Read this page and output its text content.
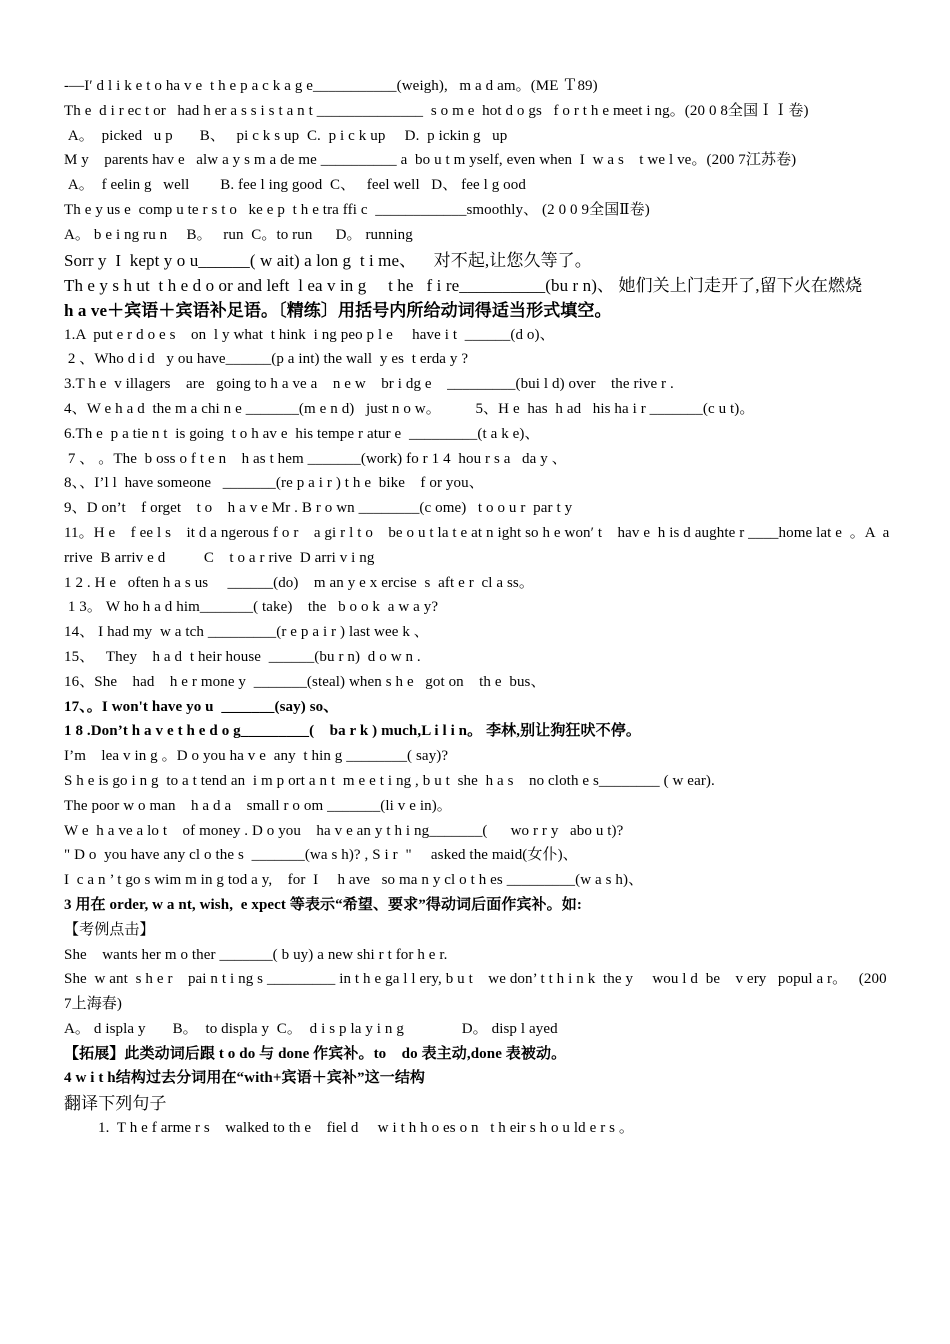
-—I′ d l i k e t o ha v e  t h e p a c k a g e___________(weigh),   m a d am。(ME Ｔ89)
Th e  d i r ec t or   had h er a s s i s t a n t ______________  s o m e  hot d o gs   f o r t h e meet i ng。(20 0 8全国ＩＩ卷)
A。  picked   u p       B、   pi c k s up  C.  p i c k up     D.  p ickin g   up
M y    parents hav e   alw a y s m a de me __________ a  bo u t m yself, even when  I  w a s    t we l ve。(200 7江苏卷)
A。  f eelin g   well        B. fee l ing good  C、   feel well   D、 fee l g ood
Th e y us e  comp u te r s t o   ke e p  t h e tra ffi c  ____________smoothly、 (2 0 0 9全国Ⅱ卷)
A。 b e i ng ru n     B。   run  C。to run      D。 running
Sorr y  I  kept y o u______( w ait) a lon g  t i me、    对不起,让您久等了。
Th e y s h ut  t h e d o or and left  l ea v in g     t he   f i re__________(bu r n)、 她们关上门走开了,留下火在燃烧
h a ve＋宾语＋宾语补足语。〔精练〕用括号内所给动词得适当形式填空。
1.A  put e r d o e s    on  l y what  t hink  i ng peo p l e     have i t  ______(d o)、
2 、Who d i d   y ou have______(p a int) the wall  y es  t erda y ?
3.T h e  v illagers    are   going to h a ve a    n e w    br i dg e    _________(bui l d) over    the rive r .
4、W e h a d  the m a chi n e _______(m e n d)   just n o w。         5、H e  has  h ad   his ha i r _______(c u t)。
6.Th e  p a tie n t  is going  t o h av e  his tempe r atur e  _________(t a k e)、
7 、 。The  b oss o f t e n    h as t hem _______(work) fo r 1 4  hou r s a   da y 、
8、、I’l l  have someone   _______(re p a i r ) t h e  bike    f or you、
9、D on’t    f orget    t o    h a v e Mr . B r o wn ________(c ome)   t o o u r  par t y
11。H e    f ee l s    it d a ngerous f o r    a gi r l t o    be o u t la t e at n ight so h e won′ t    hav e  h is d aughte r ____home lat e  。A  a rrive  B arriv e d          C    t o a r rive  D arri v i ng
1 2 . H e   often h a s us     ______(do)    m an y e x ercise  s  aft e r  cl a ss。
1 3。 W ho h a d him_______( take)    the   b o o k  a w a y?
14、 I had my  w a tch _________(r e p a i r ) last wee k 、
15、   They    h a d  t heir house  ______(bu r n)  d o w n .
16、She    had    h e r mone y  _______(steal) when s h e   got on    th e  bus、
17、。I won't have yo u  _______(say) so、
1 8 .Don’t h a v e t h e d o g_________(    ba r k ) much,L i l i n。 李林,别让狗狂吠不停。
I’m    lea v in g 。D o you ha v e  any  t hin g ________( say)?
S h e is go i n g  to a t tend an  i m p ort a n t  m e e t i ng , b u t  she  h a s    no cloth e s________ ( w ear).
The poor w o man    h a d a    small r o om _______(li v e in)。
W e  h a ve a lo t    of money . D o you    ha v e an y t h i ng_______(      wo r r y   abo u t)?
" D o  you have any cl o the s  _______(wa s h)? , S i r  "     asked the maid(女仆)、
I  c a n ’ t go s wim m in g tod a y,    for  I     h ave   so ma n y cl o t h es _________(w a s h)、
3 用在 order, w a nt, wish,  e xpect 等表示“希望、要求”得动词后面作宾补。如:
【考例点击】
She    wants her m o ther _______( b uy) a new shi r t for h e r.
She  w ant  s h e r    pai n t i ng s _________ in t h e ga l l ery, b u t    we don’ t t h i n k  the y     wou l d  be    v ery   popul a r。   (200 7上海春)
A。 d ispla y       B。  to displa y  C。  d i s p la y i n g               D。 disp l ayed
【拓展】此类动词后跟 t o do 与 done 作宾补。to    do 表主动,done 表被动。
4 w i t h结构过去分词用在“with+宾语＋宾补”这一结构
翻译下列句子
1.  T h e f arme r s    walked to th e    fiel d     w i t h h o es o n   t h eir s h o u ld e r s 。
